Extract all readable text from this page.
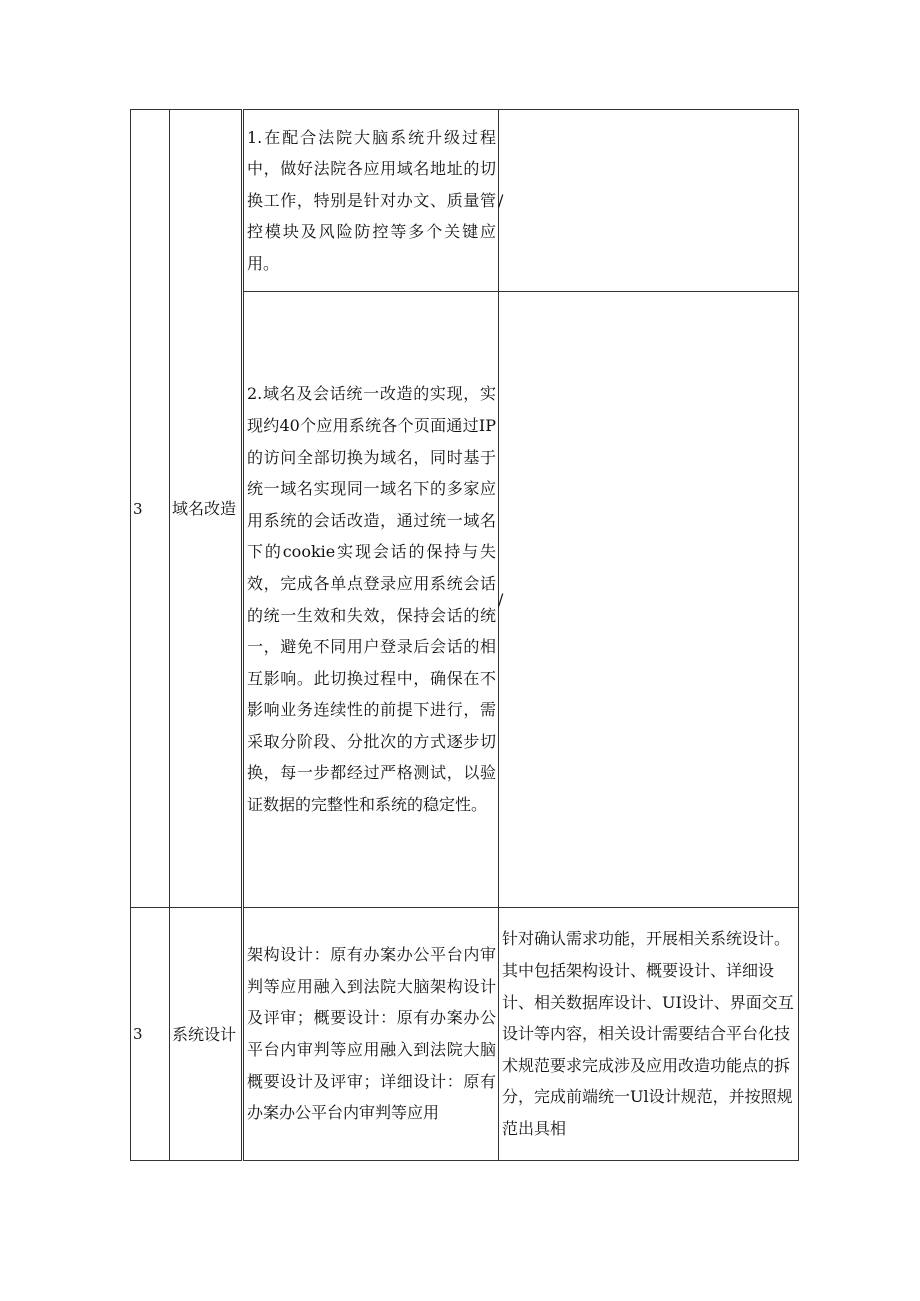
3	域名改造	1.在配合法院大脑系统升级过程中，做好法院各应用域名地址的切换工作，特别是针对办文、质量管控模块及风险防控等多个关键应用。	/
		2.域名及会话统一改造的实现，实现约40个应用系统各个页面通过IP的访问全部切换为域名，同时基于统一域名实现同一域名下的多家应用系统的会话改造，通过统一域名下的cookie实现会话的保持与失效，完成各单点登录应用系统会话的统一生效和失效，保持会话的统一，避免不同用户登录后会话的相互影响。此切换过程中，确保在不影响业务连续性的前提下进行，需采取分阶段、分批次的方式逐步切换，每一步都经过严格测试，以验证数据的完整性和系统的稳定性。	/
3	系统设计	架构设计：原有办案办公平台内审判等应用融入到法院大脑架构设计及评审；概要设计：原有办案办公平台内审判等应用融入到法院大脑概要设计及评审；详细设计：原有办案办公平台内审判等应用	针对确认需求功能，开展相关系统设计。其中包括架构设计、概要设计、详细设计、相关数据库设计、UI设计、界面交互设计等内容，相关设计需要结合平台化技术规范要求完成涉及应用改造功能点的拆分，完成前端统一Ul设计规范，并按照规范出具相
